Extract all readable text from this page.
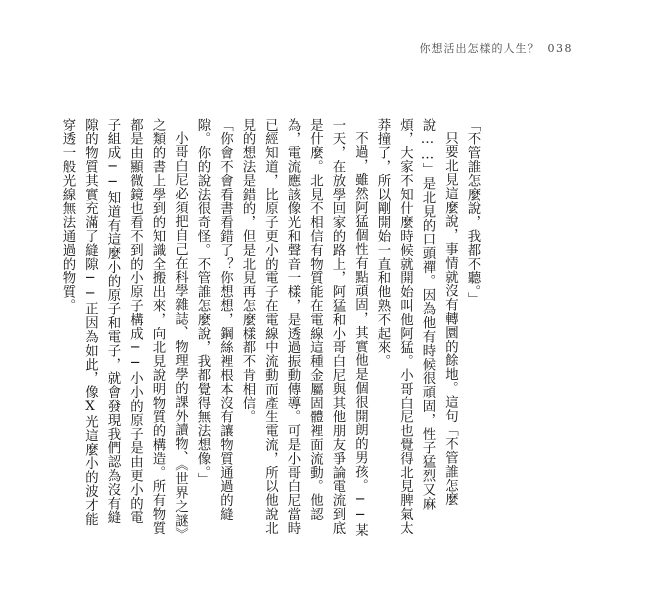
你想活出怎樣的人生？ 038

「不管誰怎麼說，我都不聽。」

只要北見這麼說，事情就沒有轉圜的餘地。這句「不管誰怎麼說……」是北見的口頭禪。因為他有時候很頑固，性子猛烈又麻煩，大家不知什麼時候就開始叫他阿猛。小哥白尼也覺得北見脾氣太莽撞了，所以剛開始一直和他熟不起來。

不過，雖然阿猛個性有點頑固，其實他是個很開朗的男孩。──某一天，在放學回家的路上，阿猛和小哥白尼與其他朋友爭論電流到底是什麼。北見不相信有物質能在電線這種金屬固體裡面流動。他認為，電流應該像光和聲音一樣，是透過振動傳導。可是小哥白尼當時已經知道，比原子更小的電子在電線中流動而產生電流，所以他說北見的想法是錯的，但是北見再怎麼樣都不肯相信。

「你會不會看書看錯了？你想想，鋼絲裡根本沒有讓物質通過的縫隙。你的說法很奇怪。不管誰怎麼說，我都覺得無法想像。」

小哥白尼必須把自己在科學雜誌、物理學的課外讀物、《世界之謎》之類的書上學到的知識全搬出來，向北見說明物質的構造。所有物質都是由顯微鏡也看不到的小原子構成──小小的原子是由更小的電子組成──知道有這麼小的原子和電子，就會發現我們認為沒有縫隙的物質其實充滿了縫隙──正因為如此，像X光這麼小的波才能穿透一般光線無法通過的物質。
